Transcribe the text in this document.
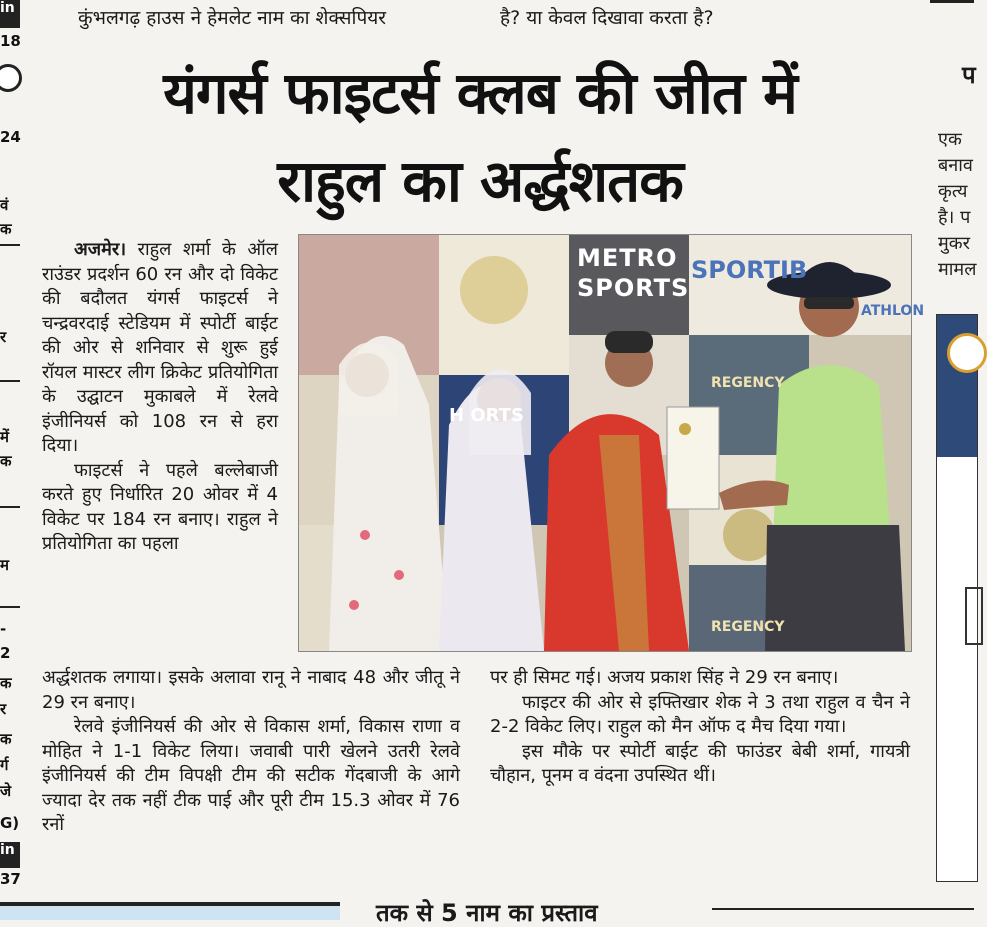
कुंभलगढ़ हाउस ने हेमलेट नाम का शेक्सपियर	है? या केवल दिखावा करता है?
in
18
24
वं
क
र
में
क
म
-
2
क
र
क
र्ग
जे
G)
in
37
यंगर्स फाइटर्स क्लब की जीत में
राहुल का अर्द्धशतक

अजमेर। राहुल शर्मा के ऑल राउंडर प्रदर्शन 60 रन और दो विकेट की बदौलत यंगर्स फाइटर्स ने चन्द्रवरदाई स्टेडियम में स्पोर्टी बाईट की ओर से शनिवार से शुरू हुई रॉयल मास्टर लीग क्रिकेट प्रतियोगिता के उद्घाटन मुकाबले में रेलवे इंजीनियर्स को 108 रन से हरा दिया।

फाइटर्स ने पहले बल्लेबाजी करते हुए निर्धारित 20 ओवर में 4 विकेट पर 184 रन बनाए। राहुल ने प्रतियोगिता का पहला

अर्द्धशतक लगाया। इसके अलावा रानू ने नाबाद 48 और जीतू ने 29 रन बनाए।

रेलवे इंजीनियर्स की ओर से विकास शर्मा, विकास राणा व मोहित ने 1-1 विकेट लिया। जवाबी पारी खेलने उतरी रेलवे इंजीनियर्स की टीम विपक्षी टीम की सटीक गेंदबाजी के आगे ज्यादा देर तक नहीं टीक पाई और पूरी टीम 15.3 ओवर में 76 रनों

पर ही सिमट गई। अजय प्रकाश सिंह ने 29 रन बनाए।

फाइटर की ओर से इफ्तिखार शेक ने 3 तथा राहुल व चैन ने 2-2 विकेट लिए। राहुल को मैन ऑफ द मैच दिया गया।

इस मौके पर स्पोर्टी बाईट की फाउंडर बेबी शर्मा, गायत्री चौहान, पूनम व वंदना उपस्थित थीं।

METRO
SPORTS
SPORTIB
ATHLON
H ORTS
REGENCY
REGENCY
प
एक
बनाव
कृत्य
है। प
मुकर
मामल
तक से 5 नाम का प्रस्ताव
